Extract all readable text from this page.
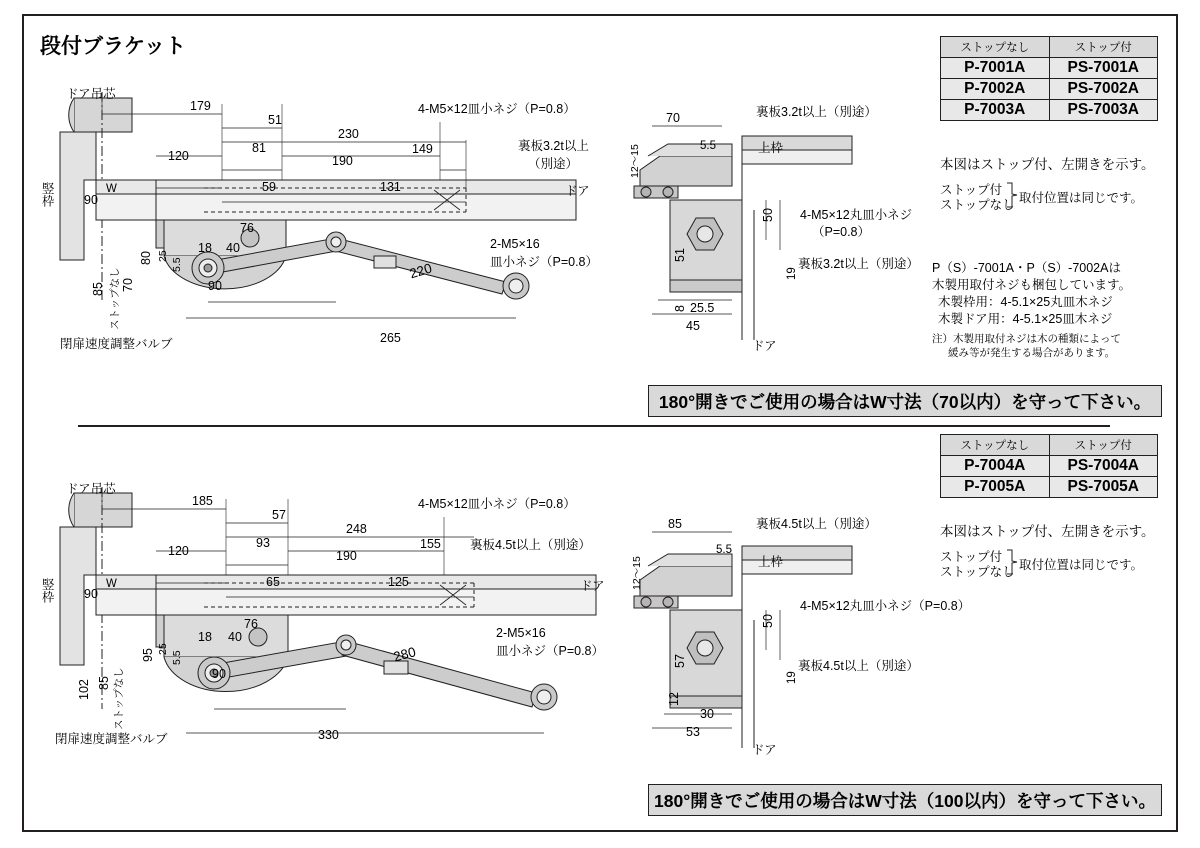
段付ブラケット	ストップなし	ストップ付
P-7001A	PS-7001A
P-7002A	PS-7002A
P-7003A	PS-7003A
本図はストップ付、左開きを示す。
ストップ付
ストップなし 取付位置は同じです。
P（S）-7001A・P（S）-7002Aは
木製用取付ネジも梱包しています。
木製枠用：4-5.1×25丸皿木ネジ
木製ドア用：4-5.1×25皿木ネジ
注）木製用取付ネジは木の種類によって
緩み等が発生する場合があります。
180°開きでご使用の場合はW寸法（70以内）を守って下さい。
ドア吊芯
竪枠	ドア
閉扉速度調整バルブ
W
179
51
230
120
81
190
149
59	131
90
76
85
80
70
ストップなし
25
5.5
18 40
90
220
265
4-M5×12皿小ネジ（P=0.8）
裏板3.2t以上
（別途）
2-M5×16
皿小ネジ（P=0.8）
70
12〜15	5.5	上枠
50
19
51
8 25.5
45
ドア
裏板3.2t以上（別途）
4-M5×12丸皿小ネジ
（P=0.8）
裏板3.2t以上（別途）
ストップなし	ストップ付
P-7004A	PS-7004A
P-7005A	PS-7005A
本図はストップ付、左開きを示す。
ストップ付
ストップなし 取付位置は同じです。
180°開きでご使用の場合はW寸法（100以内）を守って下さい。
ドア吊芯
竪枠	ドア
閉扉速度調整バルブ
W
185
57
248
120
93
190
155
65	125
90
76
102 85
95
ストップなし
25
5.5
18 40
90
280
330
4-M5×12皿小ネジ（P=0.8）
裏板4.5t以上（別途）
2-M5×16
皿小ネジ（P=0.8）
85
12〜15
5.5
上枠
50
19
57
12
30
53
ドア
裏板4.5t以上（別途）
4-M5×12丸皿小ネジ（P=0.8）
裏板4.5t以上（別途）
